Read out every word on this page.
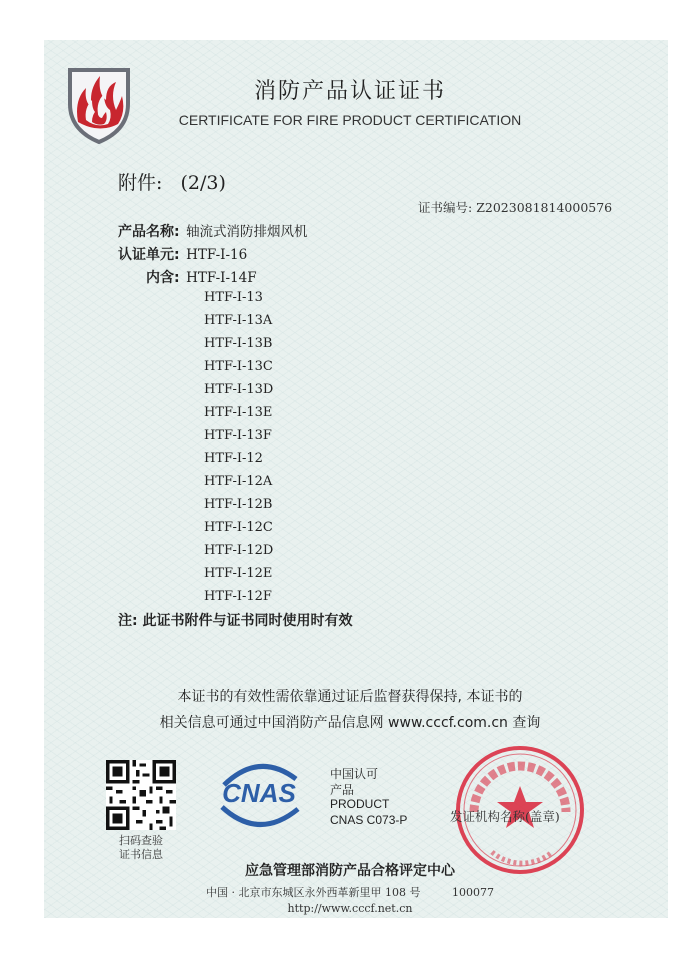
消防产品认证证书
CERTIFICATE FOR FIRE PRODUCT CERTIFICATION
附件: (2/3)
证书编号: Z2023081814000576
产品名称: 轴流式消防排烟风机
认证单元: HTF-I-16
内含: HTF-I-14F
HTF-I-13
HTF-I-13A
HTF-I-13B
HTF-I-13C
HTF-I-13D
HTF-I-13E
HTF-I-13F
HTF-I-12
HTF-I-12A
HTF-I-12B
HTF-I-12C
HTF-I-12D
HTF-I-12E
HTF-I-12F
注: 此证书附件与证书同时使用时有效
本证书的有效性需依靠通过证后监督获得保持, 本证书的
相关信息可通过中国消防产品信息网 www.cccf.com.cn 查询
扫码查验
证书信息
CNAS
中国认可
产品
PRODUCT
CNAS C073-P	发证机构名称(盖章)
应急管理部消防产品合格评定中心
中国 · 北京市东城区永外西革新里甲 108 号	100077
http://www.cccf.net.cn
